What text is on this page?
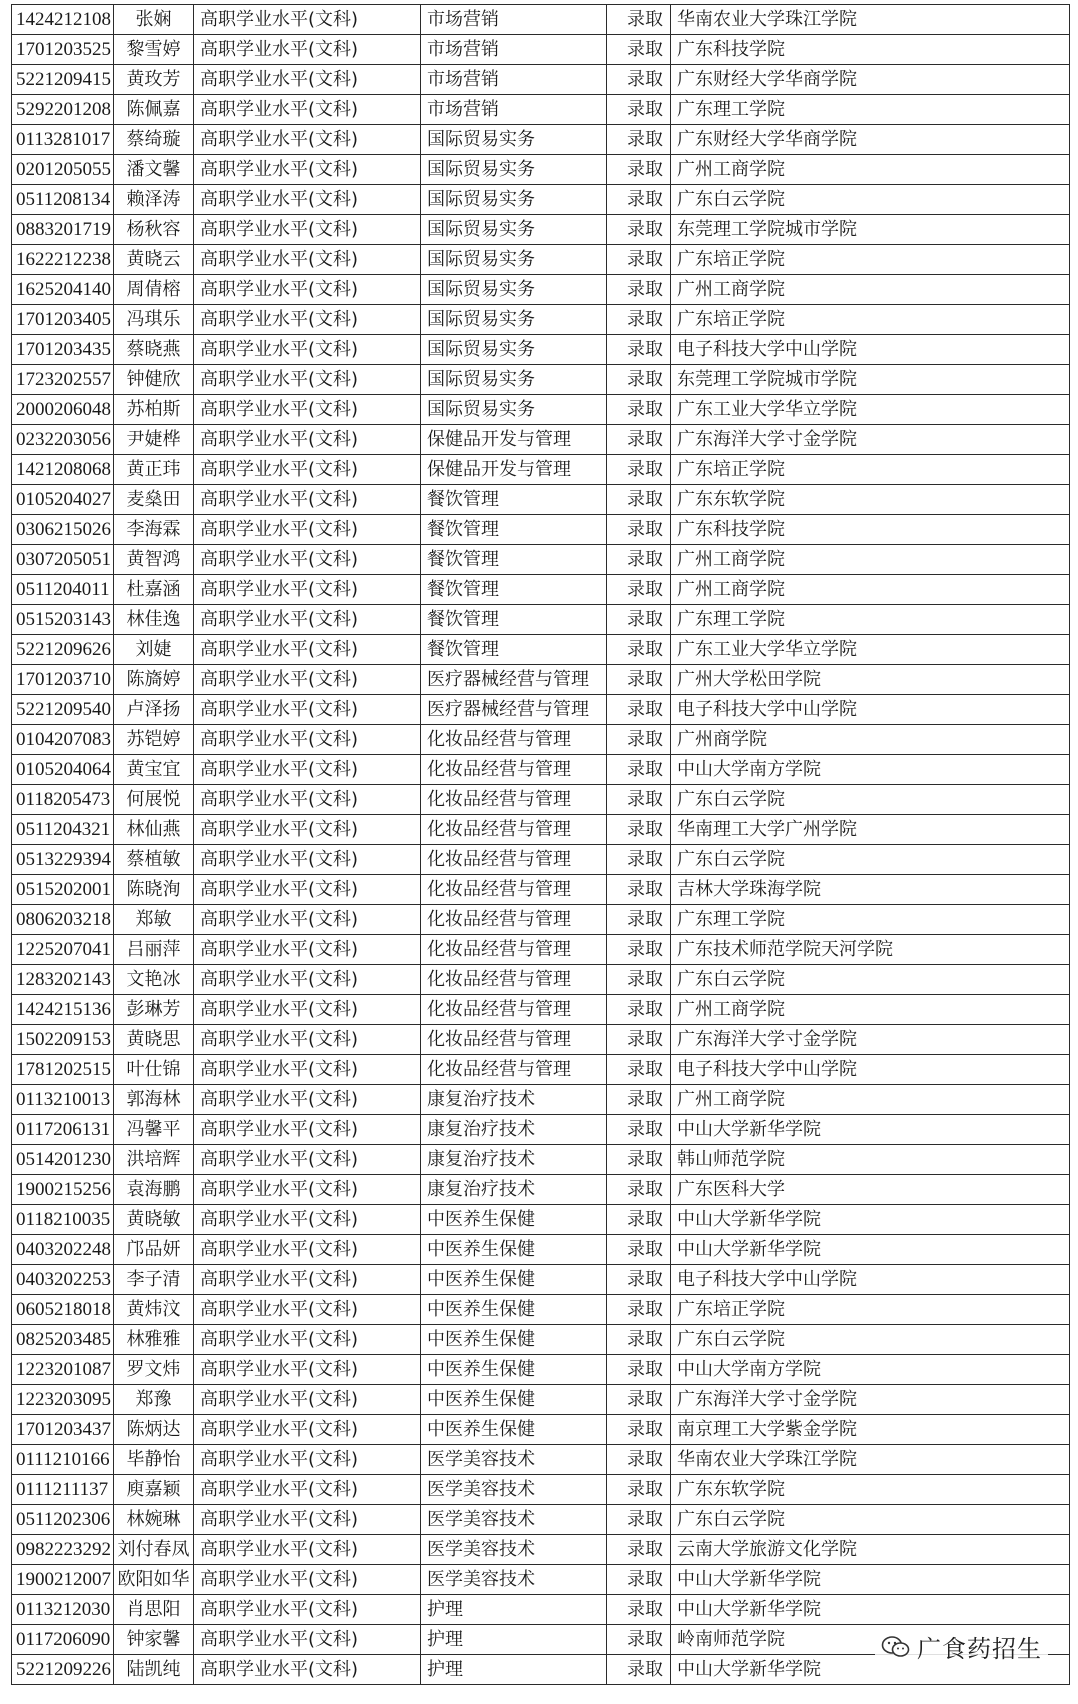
1424212108	张娴	高职学业水平(文科)	市场营销	录取	华南农业大学珠江学院
1701203525	黎雪婷	高职学业水平(文科)	市场营销	录取	广东科技学院
5221209415	黄玫芳	高职学业水平(文科)	市场营销	录取	广东财经大学华商学院
5292201208	陈佩嘉	高职学业水平(文科)	市场营销	录取	广东理工学院
0113281017	蔡绮璇	高职学业水平(文科)	国际贸易实务	录取	广东财经大学华商学院
0201205055	潘文馨	高职学业水平(文科)	国际贸易实务	录取	广州工商学院
0511208134	赖泽涛	高职学业水平(文科)	国际贸易实务	录取	广东白云学院
0883201719	杨秋容	高职学业水平(文科)	国际贸易实务	录取	东莞理工学院城市学院
1622212238	黄晓云	高职学业水平(文科)	国际贸易实务	录取	广东培正学院
1625204140	周倩榕	高职学业水平(文科)	国际贸易实务	录取	广州工商学院
1701203405	冯琪乐	高职学业水平(文科)	国际贸易实务	录取	广东培正学院
1701203435	蔡晓燕	高职学业水平(文科)	国际贸易实务	录取	电子科技大学中山学院
1723202557	钟健欣	高职学业水平(文科)	国际贸易实务	录取	东莞理工学院城市学院
2000206048	苏柏斯	高职学业水平(文科)	国际贸易实务	录取	广东工业大学华立学院
0232203056	尹婕桦	高职学业水平(文科)	保健品开发与管理	录取	广东海洋大学寸金学院
1421208068	黄正玮	高职学业水平(文科)	保健品开发与管理	录取	广东培正学院
0105204027	麦燊田	高职学业水平(文科)	餐饮管理	录取	广东东软学院
0306215026	李海霖	高职学业水平(文科)	餐饮管理	录取	广东科技学院
0307205051	黄智鸿	高职学业水平(文科)	餐饮管理	录取	广州工商学院
0511204011	杜嘉涵	高职学业水平(文科)	餐饮管理	录取	广州工商学院
0515203143	林佳逸	高职学业水平(文科)	餐饮管理	录取	广东理工学院
5221209626	刘婕	高职学业水平(文科)	餐饮管理	录取	广东工业大学华立学院
1701203710	陈旖婷	高职学业水平(文科)	医疗器械经营与管理	录取	广州大学松田学院
5221209540	卢泽扬	高职学业水平(文科)	医疗器械经营与管理	录取	电子科技大学中山学院
0104207083	苏铠婷	高职学业水平(文科)	化妆品经营与管理	录取	广州商学院
0105204064	黄宝宜	高职学业水平(文科)	化妆品经营与管理	录取	中山大学南方学院
0118205473	何展悦	高职学业水平(文科)	化妆品经营与管理	录取	广东白云学院
0511204321	林仙燕	高职学业水平(文科)	化妆品经营与管理	录取	华南理工大学广州学院
0513229394	蔡植敏	高职学业水平(文科)	化妆品经营与管理	录取	广东白云学院
0515202001	陈晓洵	高职学业水平(文科)	化妆品经营与管理	录取	吉林大学珠海学院
0806203218	郑敏	高职学业水平(文科)	化妆品经营与管理	录取	广东理工学院
1225207041	吕丽萍	高职学业水平(文科)	化妆品经营与管理	录取	广东技术师范学院天河学院
1283202143	文艳冰	高职学业水平(文科)	化妆品经营与管理	录取	广东白云学院
1424215136	彭琳芳	高职学业水平(文科)	化妆品经营与管理	录取	广州工商学院
1502209153	黄晓思	高职学业水平(文科)	化妆品经营与管理	录取	广东海洋大学寸金学院
1781202515	叶仕锦	高职学业水平(文科)	化妆品经营与管理	录取	电子科技大学中山学院
0113210013	郭海林	高职学业水平(文科)	康复治疗技术	录取	广州工商学院
0117206131	冯馨平	高职学业水平(文科)	康复治疗技术	录取	中山大学新华学院
0514201230	洪培辉	高职学业水平(文科)	康复治疗技术	录取	韩山师范学院
1900215256	袁海鹏	高职学业水平(文科)	康复治疗技术	录取	广东医科大学
0118210035	黄晓敏	高职学业水平(文科)	中医养生保健	录取	中山大学新华学院
0403202248	邝品妍	高职学业水平(文科)	中医养生保健	录取	中山大学新华学院
0403202253	李子清	高职学业水平(文科)	中医养生保健	录取	电子科技大学中山学院
0605218018	黄炜汶	高职学业水平(文科)	中医养生保健	录取	广东培正学院
0825203485	林雅雅	高职学业水平(文科)	中医养生保健	录取	广东白云学院
1223201087	罗文炜	高职学业水平(文科)	中医养生保健	录取	中山大学南方学院
1223203095	郑豫	高职学业水平(文科)	中医养生保健	录取	广东海洋大学寸金学院
1701203437	陈炳达	高职学业水平(文科)	中医养生保健	录取	南京理工大学紫金学院
0111210166	毕静怡	高职学业水平(文科)	医学美容技术	录取	华南农业大学珠江学院
0111211137	庾嘉颖	高职学业水平(文科)	医学美容技术	录取	广东东软学院
0511202306	林婉琳	高职学业水平(文科)	医学美容技术	录取	广东白云学院
0982223292	刘付春凤	高职学业水平(文科)	医学美容技术	录取	云南大学旅游文化学院
1900212007	欧阳如华	高职学业水平(文科)	医学美容技术	录取	中山大学新华学院
0113212030	肖思阳	高职学业水平(文科)	护理	录取	中山大学新华学院
0117206090	钟家馨	高职学业水平(文科)	护理	录取	岭南师范学院
5221209226	陆凯纯	高职学业水平(文科)	护理	录取	中山大学新华学院
广食药招生
